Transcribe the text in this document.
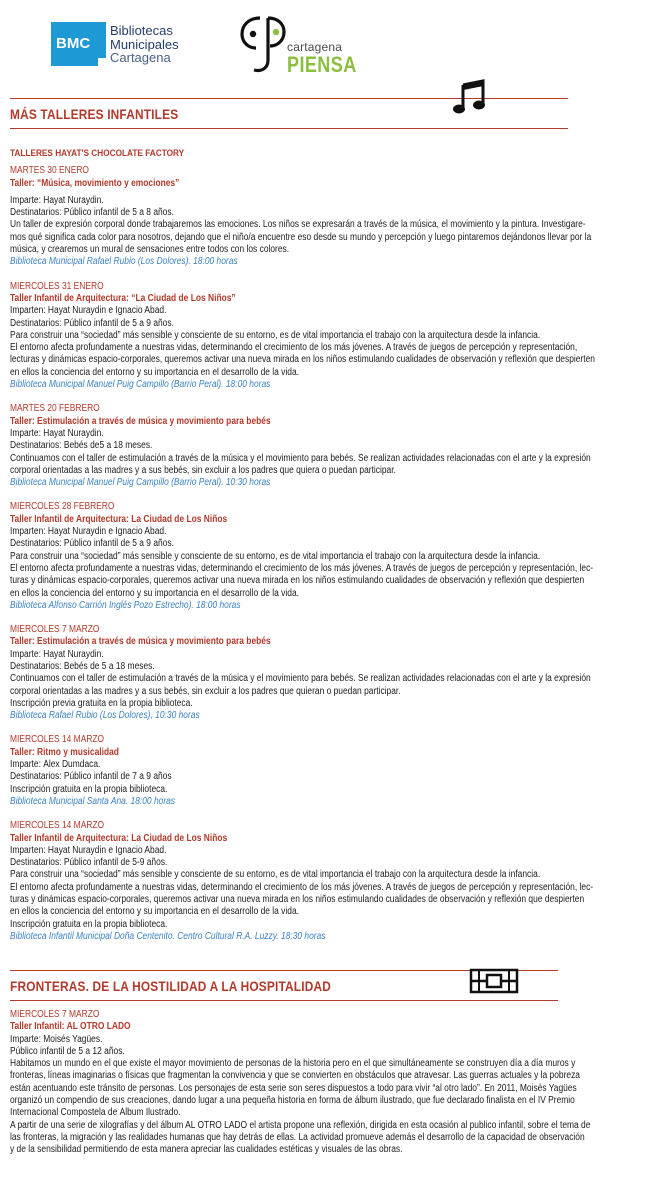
BMC
Bibliotecas
Municipales
Cartagena
cartagena
PIENSA
MÁS TALLERES INFANTILES
TALLERES HAYAT'S CHOCOLATE FACTORY
MARTES 30 ENERO
Taller: “Música, movimiento y emociones”
Imparte: Hayat Nuraydin.
Destinatarios: Público infantil de 5 a 8 años.
Un taller de expresión corporal donde trabajaremos las emociones. Los niños se expresarán a través de la música, el movimiento y la pintura. Investigare-
mos qué significa cada color para nosotros, dejando que el niño/a encuentre eso desde su mundo y percepción y luego pintaremos dejándonos llevar por la
música, y crearemos un mural de sensaciones entre todos con los colores.
Biblioteca Municipal Rafael Rubio (Los Dolores). 18:00 horas
MIÉRCOLES 31 ENERO
Taller Infantil de Arquitectura: “La Ciudad de Los Niños”
Imparten: Hayat Nuraydin e Ignacio Abad.
Destinatarios: Público infantil de 5 a 9 años.
Para construir una “sociedad” más sensible y consciente de su entorno, es de vital importancia el trabajo con la arquitectura desde la infancia.
El entorno afecta profundamente a nuestras vidas, determinando el crecimiento de los más jóvenes. A través de juegos de percepción y representación,
lecturas y dinámicas espacio-corporales, queremos activar una nueva mirada en los niños estimulando cualidades de observación y reflexión que despierten
en ellos la conciencia del entorno y su importancia en el desarrollo de la vida.
Biblioteca Municipal Manuel Puig Campillo (Barrio Peral). 18:00 horas
MARTES 20 FEBRERO
Taller: Estimulación a través de música y movimiento para bebés
Imparte: Hayat Nuraydin.
Destinatarios: Bebés de5 a 18 meses.
Continuamos con el taller de estimulación a través de la música y el movimiento para bebés. Se realizan actividades relacionadas con el arte y la expresión
corporal orientadas a las madres y a sus bebés, sin excluir a los padres que quiera o puedan participar.
Biblioteca Municipal Manuel Puig Campillo (Barrio Peral). 10:30 horas
MIÉRCOLES 28 FEBRERO
Taller Infantil de Arquitectura: La Ciudad de Los Niños
Imparten: Hayat Nuraydin e Ignacio Abad.
Destinatarios: Público infantil de 5 a 9 años.
Para construir una “sociedad” más sensible y consciente de su entorno, es de vital importancia el trabajo con la arquitectura desde la infancia.
El entorno afecta profundamente a nuestras vidas, determinando el crecimiento de los más jóvenes. A través de juegos de percepción y representación, lec-
turas y dinámicas espacio-corporales, queremos activar una nueva mirada en los niños estimulando cualidades de observación y reflexión que despierten
en ellos la conciencia del entorno y su importancia en el desarrollo de la vida.
Biblioteca Alfonso Carrión Inglés Pozo Estrecho). 18:00 horas
MIÉRCOLES 7 MARZO
Taller: Estimulación a través de música y movimiento para bebés
Imparte: Hayat Nuraydin.
Destinatarios: Bebés de 5 a 18 meses.
Continuamos con el taller de estimulación a través de la música y el movimiento para bebés. Se realizan actividades relacionadas con el arte y la expresión
corporal orientadas a las madres y a sus bebés, sin excluir a los padres que quieran o puedan participar.
Inscripción previa gratuita en la propia biblioteca.
Biblioteca Rafael Rubio (Los Dolores), 10:30 horas
MIÉRCOLES 14 MARZO
Taller: Ritmo y musicalidad
Imparte: Álex Dumdaca.
Destinatarios: Público infantil de 7 a 9 años
Inscripción gratuita en la propia biblioteca.
Biblioteca Municipal Santa Ana. 18:00 horas
MIÉRCOLES 14 MARZO
Taller Infantil de Arquitectura: La Ciudad de Los Niños
Imparten: Hayat Nuraydin e Ignacio Abad.
Destinatarios: Público infantil de 5-9 años.
Para construir una “sociedad” más sensible y consciente de su entorno, es de vital importancia el trabajo con la arquitectura desde la infancia.
El entorno afecta profundamente a nuestras vidas, determinando el crecimiento de los más jóvenes. A través de juegos de percepción y representación, lec-
turas y dinámicas espacio-corporales, queremos activar una nueva mirada en los niños estimulando cualidades de observación y reflexión que despierten
en ellos la conciencia del entorno y su importancia en el desarrollo de la vida.
Inscripción gratuita en la propia biblioteca.
Biblioteca Infantil Municipal Doña Centenito. Centro Cultural R.A. Luzzy. 18:30 horas
FRONTERAS. DE LA HOSTILIDAD A LA HOSPITALIDAD
MIERCOLES 7 MARZO
Taller Infantil: AL OTRO LADO
Imparte: Moisés Yagües.
Público infantil de 5 a 12 años.
Habitamos un mundo en el que existe el mayor movimiento de personas de la historia pero en el que simultáneamente se construyen día a día muros y
fronteras, líneas imaginarias o físicas que fragmentan la convivencia y que se convierten en obstáculos que atravesar. Las guerras actuales y la pobreza
están acentuando este tránsito de personas. Los personajes de esta serie son seres dispuestos a todo para vivir “al otro lado”. En 2011, Moisés Yagües
organizó un compendio de sus creaciones, dando lugar a una pequeña historia en forma de álbum ilustrado, que fue declarado finalista en el IV Premio
Internacional Compostela de Álbum Ilustrado.
A partir de una serie de xilografías y del álbum AL OTRO LADO el artista propone una reflexión, dirigida en esta ocasión al publico infantil, sobre el tema de
las fronteras, la migración y las realidades humanas que hay detrás de ellas. La actividad promueve además el desarrollo de la capacidad de observación
y de la sensibilidad permitiendo de esta manera apreciar las cualidades estéticas y visuales de las obras.
